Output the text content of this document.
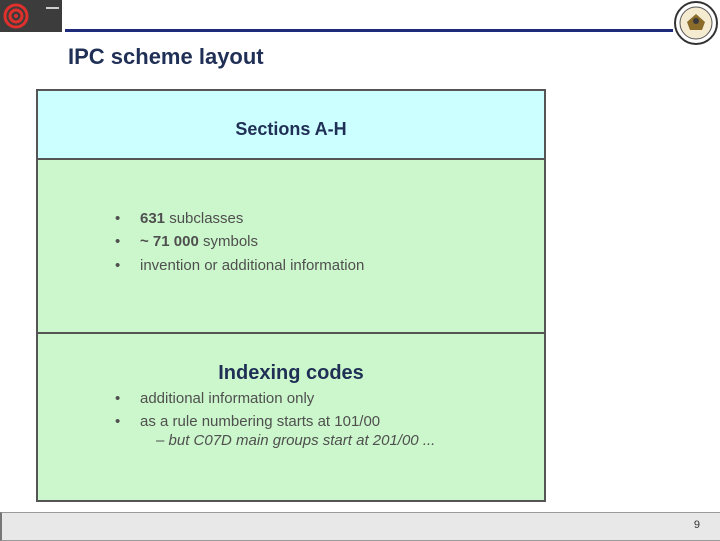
IPC scheme layout
Sections A-H
• 631 subclasses
• ~ 71 000 symbols
• invention or additional information
Indexing codes
• additional information only
• as a rule numbering starts at 101/00
– but C07D main groups start at 201/00 ...
9
